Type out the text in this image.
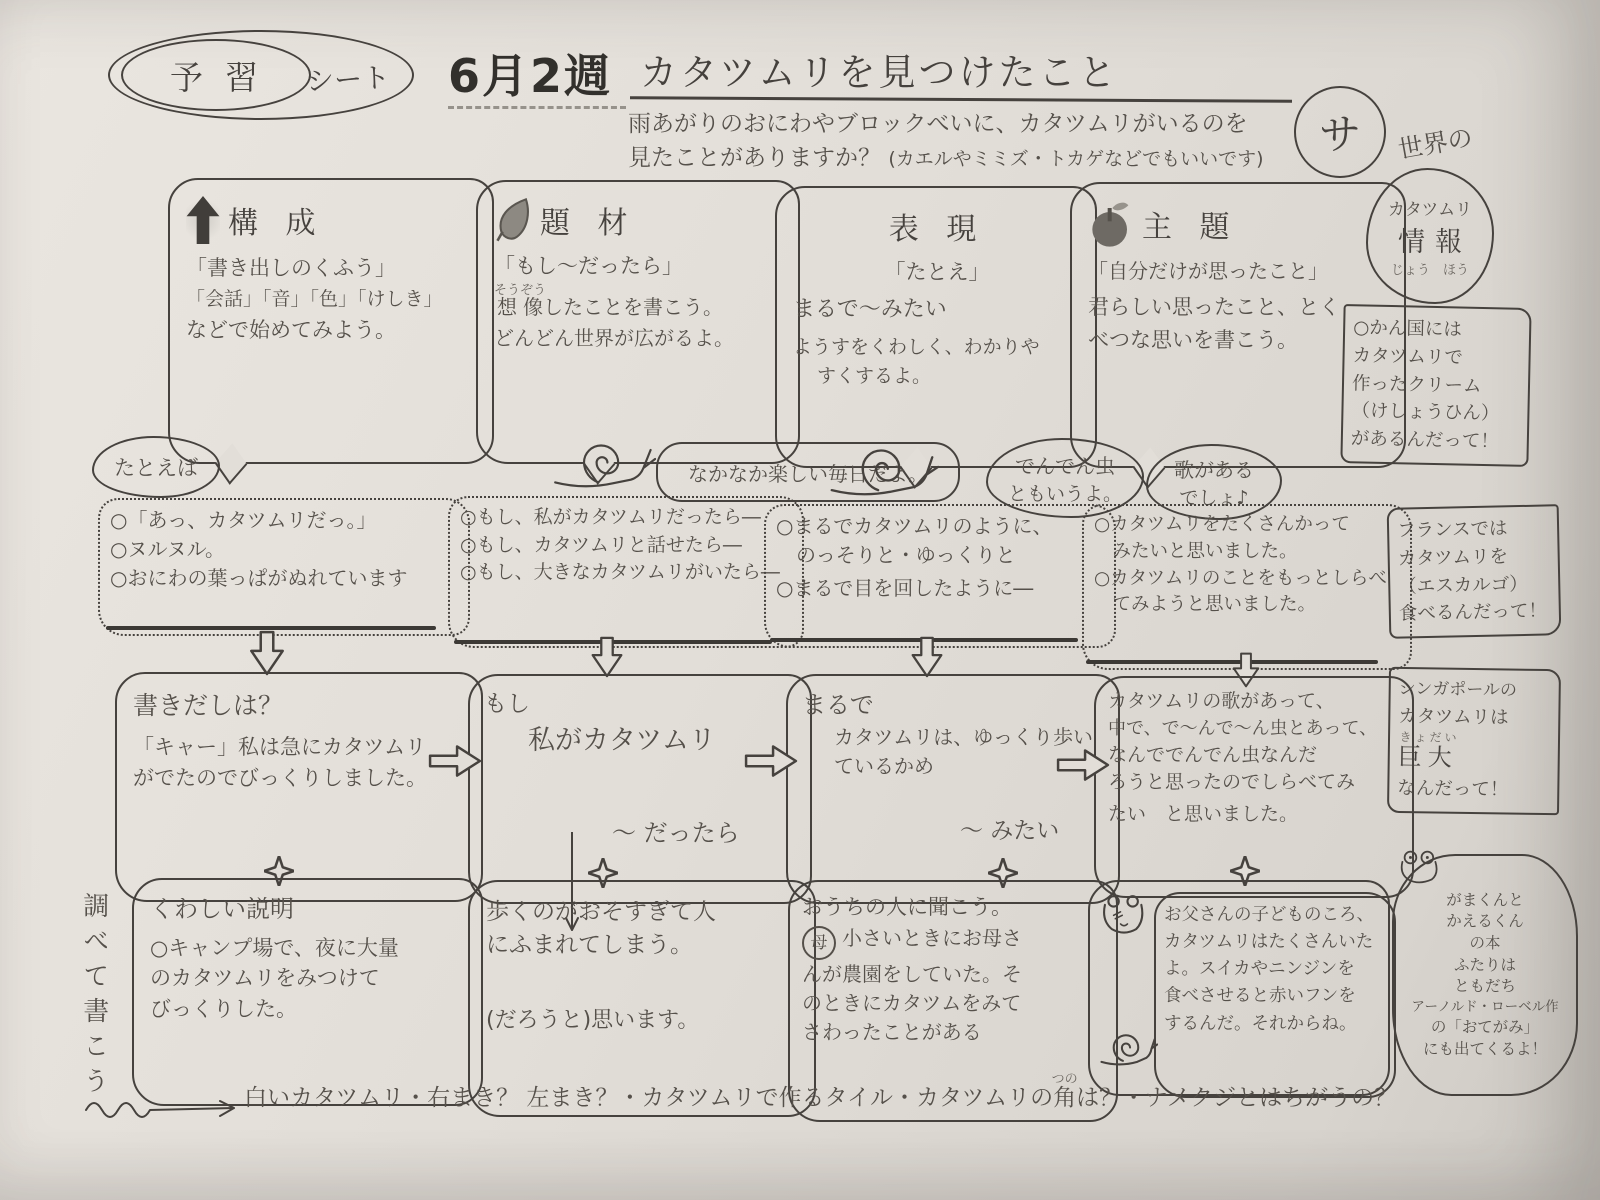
予習 シート 6月2週 カタツムリを見つけたこと
雨あがりのおにわやブロックべいに、カタツムリがいるのを
見たことがありますか？ (カエルやミミズ・トカゲなどでもいいです) サ 世界の
カタツムリ
情報
じょう　ほう
○かん国には
カタツムリで
作ったクリーム
（けしょうひん）
があるんだって！
フランスでは
カタツムリを
（エスカルゴ）
食べるんだって！
シンガポールの
カタツムリは
巨大きょだい
なんだって！
がまくんと
かえるくん
の本
ふたりは
ともだち
アーノルド・ローベル作
の「おてがみ」
にも出てくるよ！
構 成
「書き出しのくふう」
「会話」「音」「色」「けしき」
などで始めてみよう。
題 材
「もし〜だったら」
想像そうぞうしたことを書こう。
どんどん世界が広がるよ。
表 現
「たとえ」
まるで〜みたい
ようすをくわしく、わかりや
すくするよ。
主 題
「自分だけが思ったこと」
君らしい思ったこと、とく
べつな思いを書こう。
たとえば	なかなか楽しい毎日だよ。	でんでん虫
ともいうよ。
歌がある
でしょ♪
○「あっ、カタツムリだっ。」
○ヌルヌル。
○おにわの葉っぱがぬれています
○もし、私がカタツムリだったら―
○もし、カタツムリと話せたら―
○もし、大きなカタツムリがいたら―
○まるでカタツムリのように、
　のっそりと・ゆっくりと
○まるで目を回したように―
○カタツムリをたくさんかって
　みたいと思いました。
○カタツムリのことをもっとしらべ
　てみようと思いました。
書きだしは？
「キャー」私は急にカタツムリ
がでたのでびっくりしました。
もし
私がカタツムリ
〜 だったら
まるで
カタツムリは、ゆっくり歩い
ているかめ
〜 みたい
カタツムリの歌があって、
中で、で〜んで〜ん虫とあって、
なんででんでん虫なんだ
ろうと思ったのでしらべてみ
たい　と思いました。
くわしい説明
○キャンプ場で、夜に大量
のカタツムリをみつけて
びっくりした。
歩くのがおそすぎて人
にふまれてしまう。
(だろうと)思います。
おうちの人に聞こう。
母 小さいときにお母さ
んが農園をしていた。そ
のときにカタツムをみて
さわったことがある
お父さんの子どものころ、
カタツムリはたくさんいた
よ。スイカやニンジンを
食べさせると赤いフンを
するんだ。それからね。
調べて書こう	白いカタツムリ・右まき？ 左まき？・カタツムリで作るタイル・カタツムリの角つのは？・ナメクジとはちがうの？
